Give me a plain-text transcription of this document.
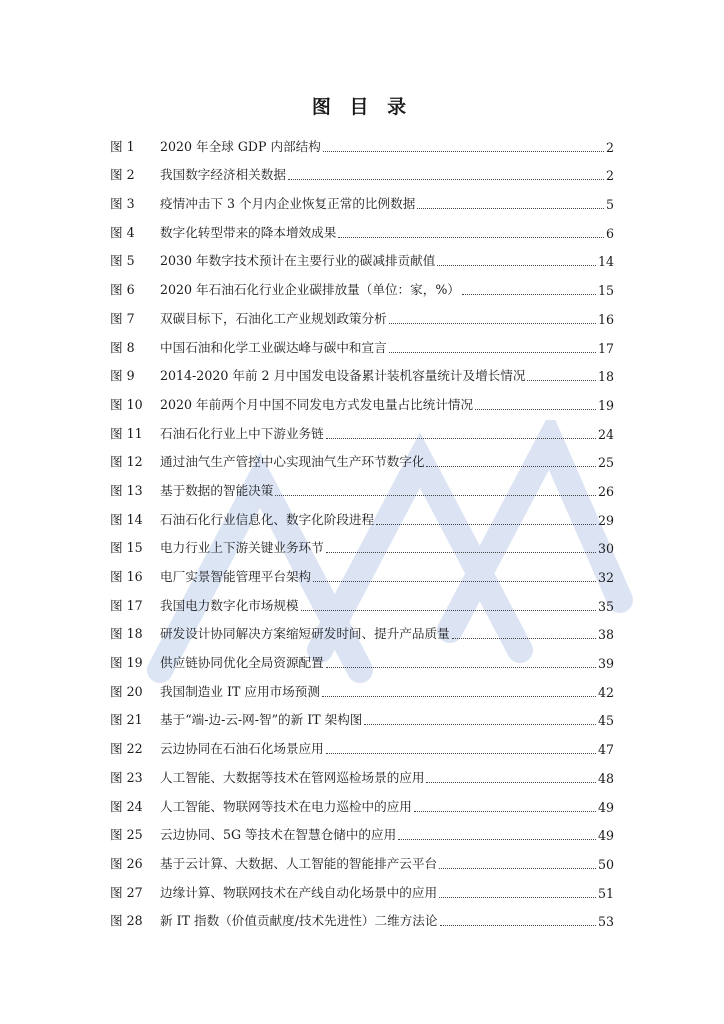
图 目 录
图 1	2020 年全球 GDP 内部结构	2
图 2	我国数字经济相关数据	2
图 3	疫情冲击下 3 个月内企业恢复正常的比例数据	5
图 4	数字化转型带来的降本增效成果	6
图 5	2030 年数字技术预计在主要行业的碳减排贡献值	14
图 6	2020 年石油石化行业企业碳排放量（单位：家，%）	15
图 7	双碳目标下，石油化工产业规划政策分析	16
图 8	中国石油和化学工业碳达峰与碳中和宣言	17
图 9	2014-2020 年前 2 月中国发电设备累计装机容量统计及增长情况	18
图 10	2020 年前两个月中国不同发电方式发电量占比统计情况	19
图 11	石油石化行业上中下游业务链	24
图 12	通过油气生产管控中心实现油气生产环节数字化	25
图 13	基于数据的智能决策	26
图 14	石油石化行业信息化、数字化阶段进程	29
图 15	电力行业上下游关键业务环节	30
图 16	电厂实景智能管理平台架构	32
图 17	我国电力数字化市场规模	35
图 18	研发设计协同解决方案缩短研发时间、提升产品质量	38
图 19	供应链协同优化全局资源配置	39
图 20	我国制造业 IT 应用市场预测	42
图 21	基于“端-边-云-网-智”的新 IT 架构图	45
图 22	云边协同在石油石化场景应用	47
图 23	人工智能、大数据等技术在管网巡检场景的应用	48
图 24	人工智能、物联网等技术在电力巡检中的应用	49
图 25	云边协同、5G 等技术在智慧仓储中的应用	49
图 26	基于云计算、大数据、人工智能的智能排产云平台	50
图 27	边缘计算、物联网技术在产线自动化场景中的应用	51
图 28	新 IT 指数（价值贡献度/技术先进性）二维方法论	53
